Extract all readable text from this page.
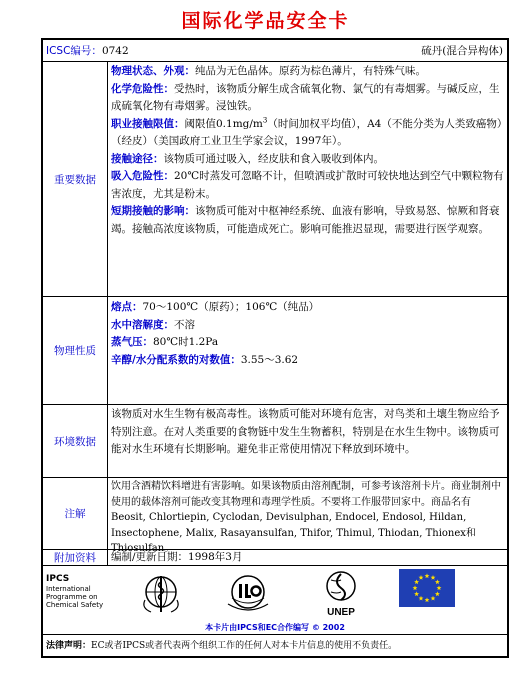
国际化学品安全卡
ICSC编号：0742	硫丹(混合异构体)
重要数据
物理状态、外观：纯品为无色晶体。原药为棕色薄片，有特殊气味。
化学危险性：受热时，该物质分解生成含硫氧化物、氯气的有毒烟雾。与碱反应，生成硫氧化物有毒烟雾。浸蚀铁。
职业接触限值：阈限值$0.1mg/m^3$（时间加权平均值），A4（不能分类为人类致癌物）（经皮）（美国政府工业卫生学家会议，1997年）。
接触途径：该物质可通过吸入，经皮肤和食入吸收到体内。
吸入危险性：20℃时蒸发可忽略不计，但喷洒或扩散时可较快地达到空气中颗粒物有害浓度，尤其是粉末。
短期接触的影响：该物质可能对中枢神经系统、血液有影响，导致易怒、惊厥和肾衰竭。接触高浓度该物质，可能造成死亡。影响可能推迟显现，需要进行医学观察。
物理性质
熔点：70～100℃（原药）；106℃（纯品）
水中溶解度：不溶
蒸气压：80℃时1.2Pa
辛醇/水分配系数的对数值：3.55～3.62
环境数据
该物质对水生生物有极高毒性。该物质可能对环境有危害，对鸟类和土壤生物应给予特别注意。在对人类重要的食物链中发生生物蓄积，特别是在水生生物中。该物质可能对水生环境有长期影响。避免非正常使用情况下释放到环境中。
注解
饮用含酒精饮料增进有害影响。如果该物质由溶剂配制，可参考该溶剂卡片。商业制剂中使用的载体溶剂可能改变其物理和毒理学性质。不要将工作服带回家中。商品名有Beosit, Chlortiepin, Cyclodan, Devisulphan, Endocel, Endosol, Hildan, Insectophene, Malix, Rasayansulfan, Thifor, Thimul, Thiodan, Thionex和Thiosulfan。
附加资料	编制/更新日期：1998年3月
IPCS
International
Programme on
Chemical Safety
UNEP
本卡片由IPCS和EC合作编写 © 2002
法律声明：EC或者IPCS或者代表两个组织工作的任何人对本卡片信息的使用不负责任。
